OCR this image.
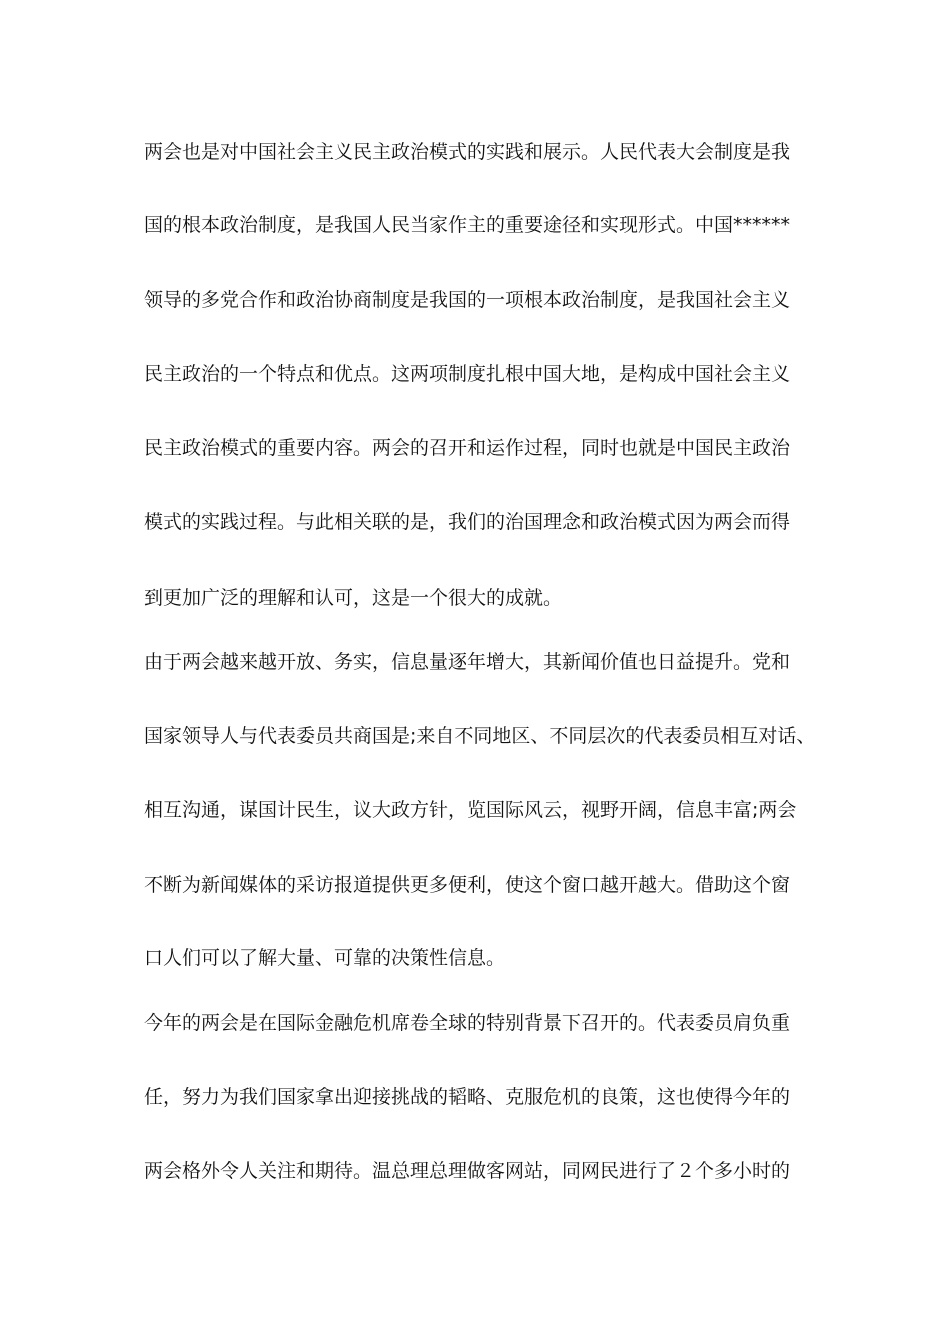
两会也是对中国社会主义民主政治模式的实践和展示。人民代表大会制度是我
国的根本政治制度，是我国人民当家作主的重要途径和实现形式。中国******
领导的多党合作和政治协商制度是我国的一项根本政治制度，是我国社会主义
民主政治的一个特点和优点。这两项制度扎根中国大地，是构成中国社会主义
民主政治模式的重要内容。两会的召开和运作过程，同时也就是中国民主政治
模式的实践过程。与此相关联的是，我们的治国理念和政治模式因为两会而得
到更加广泛的理解和认可，这是一个很大的成就。
由于两会越来越开放、务实，信息量逐年增大，其新闻价值也日益提升。党和
国家领导人与代表委员共商国是;来自不同地区、不同层次的代表委员相互对话、
相互沟通，谋国计民生，议大政方针，览国际风云，视野开阔，信息丰富;两会
不断为新闻媒体的采访报道提供更多便利，使这个窗口越开越大。借助这个窗
口人们可以了解大量、可靠的决策性信息。
今年的两会是在国际金融危机席卷全球的特别背景下召开的。代表委员肩负重
任，努力为我们国家拿出迎接挑战的韬略、克服危机的良策，这也使得今年的
两会格外令人关注和期待。温总理总理做客网站，同网民进行了２个多小时的
